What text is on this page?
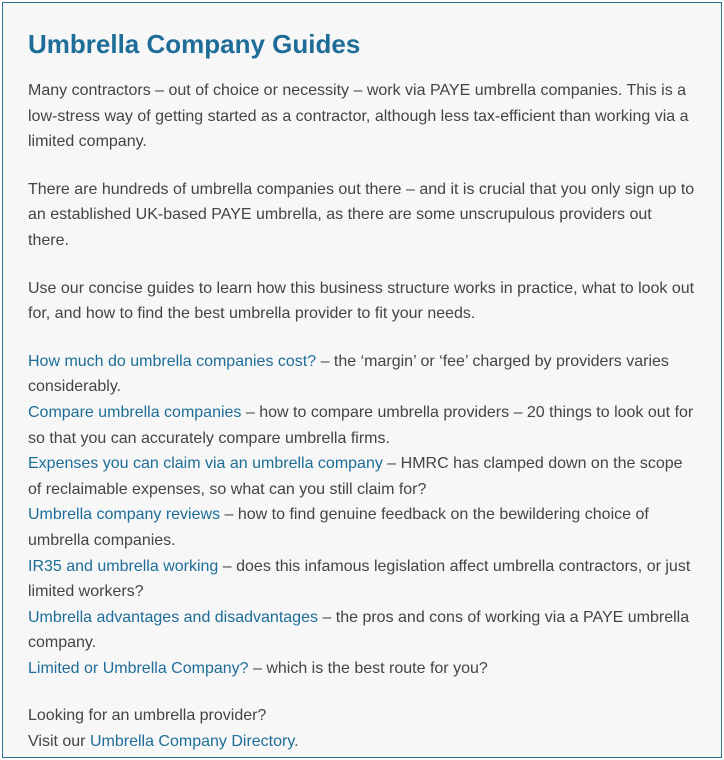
Umbrella Company Guides

Many contractors – out of choice or necessity – work via PAYE umbrella companies. This is a low-stress way of getting started as a contractor, although less tax-efficient than working via a limited company.

There are hundreds of umbrella companies out there – and it is crucial that you only sign up to an established UK-based PAYE umbrella, as there are some unscrupulous providers out there.

Use our concise guides to learn how this business structure works in practice, what to look out for, and how to find the best umbrella provider to fit your needs.

How much do umbrella companies cost? – the ‘margin’ or ‘fee’ charged by providers varies considerably.
Compare umbrella companies – how to compare umbrella providers – 20 things to look out for so that you can accurately compare umbrella firms.
Expenses you can claim via an umbrella company – HMRC has clamped down on the scope of reclaimable expenses, so what can you still claim for?
Umbrella company reviews – how to find genuine feedback on the bewildering choice of umbrella companies.
IR35 and umbrella working – does this infamous legislation affect umbrella contractors, or just limited workers?
Umbrella advantages and disadvantages – the pros and cons of working via a PAYE umbrella company.
Limited or Umbrella Company? – which is the best route for you?

Looking for an umbrella provider?
Visit our Umbrella Company Directory.
